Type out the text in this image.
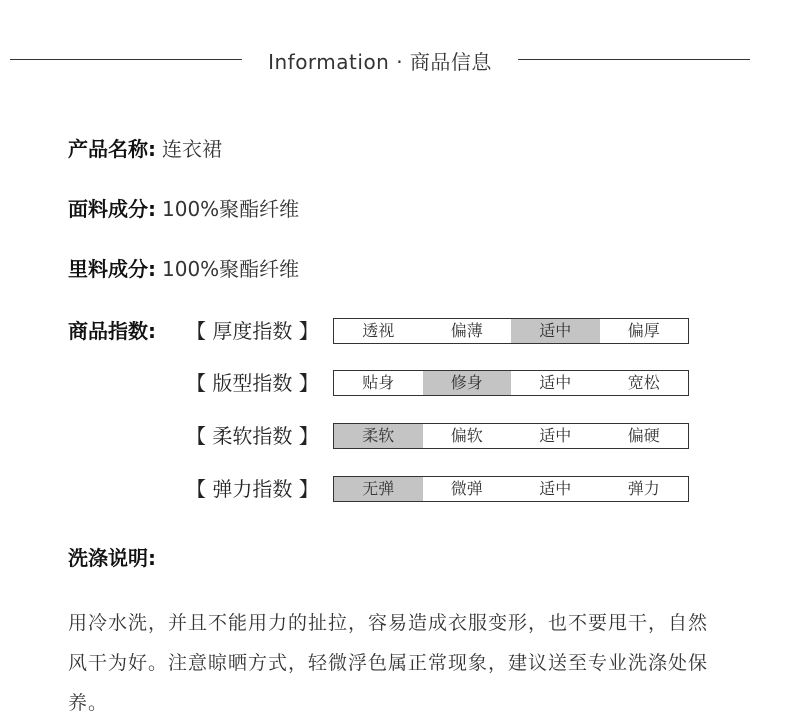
Information · 商品信息
产品名称: 连衣裙
面料成分: 100%聚酯纤维
里料成分: 100%聚酯纤维
商品指数: 【 厚度指数 】	透视	偏薄	适中	偏厚
【 版型指数 】	贴身	修身	适中	宽松
【 柔软指数 】	柔软	偏软	适中	偏硬
【 弹力指数 】	无弹	微弹	适中	弹力
洗涤说明:
用冷水洗，并且不能用力的扯拉，容易造成衣服变形，也不要甩干，自然风干为好。注意晾晒方式，轻微浮色属正常现象，建议送至专业洗涤处保养。
